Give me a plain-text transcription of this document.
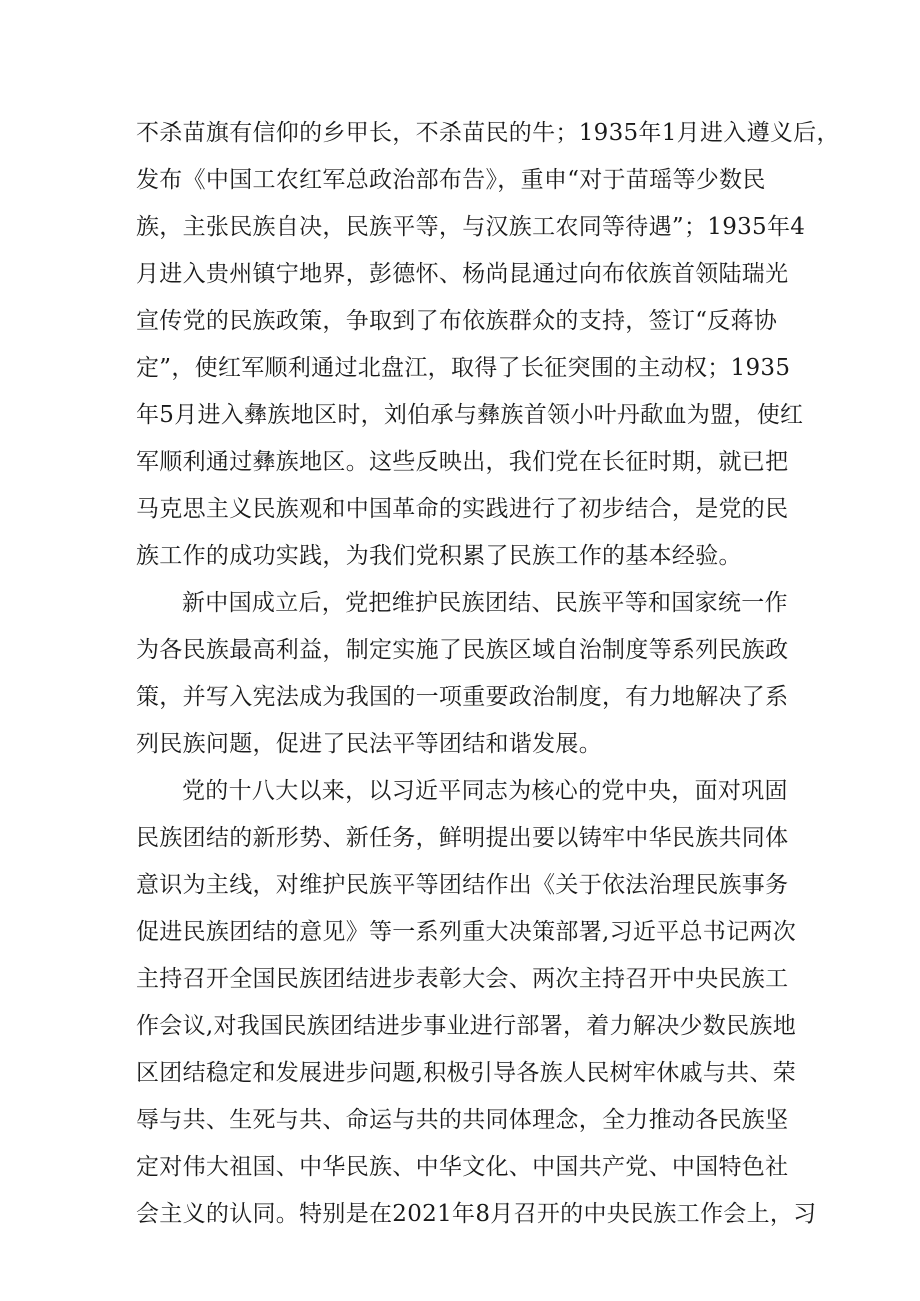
不杀苗旗有信仰的乡甲长，不杀苗民的牛；1935年1月进入遵义后，
发布《中国工农红军总政治部布告》，重申“对于苗瑶等少数民
族，主张民族自决，民族平等，与汉族工农同等待遇”；1935年4
月进入贵州镇宁地界，彭德怀、杨尚昆通过向布依族首领陆瑞光
宣传党的民族政策，争取到了布依族群众的支持，签订“反蒋协
定”，使红军顺利通过北盘江，取得了长征突围的主动权；1935
年5月进入彝族地区时，刘伯承与彝族首领小叶丹歃血为盟，使红
军顺利通过彝族地区。这些反映出，我们党在长征时期，就已把
马克思主义民族观和中国革命的实践进行了初步结合，是党的民
族工作的成功实践，为我们党积累了民族工作的基本经验。
新中国成立后，党把维护民族团结、民族平等和国家统一作
为各民族最高利益，制定实施了民族区域自治制度等系列民族政
策，并写入宪法成为我国的一项重要政治制度，有力地解决了系
列民族问题，促进了民法平等团结和谐发展。
党的十八大以来，以习近平同志为核心的党中央，面对巩固
民族团结的新形势、新任务，鲜明提出要以铸牢中华民族共同体
意识为主线，对维护民族平等团结作出《关于依法治理民族事务
促进民族团结的意见》等一系列重大决策部署,习近平总书记两次
主持召开全国民族团结进步表彰大会、两次主持召开中央民族工
作会议,对我国民族团结进步事业进行部署，着力解决少数民族地
区团结稳定和发展进步问题,积极引导各族人民树牢休戚与共、荣
辱与共、生死与共、命运与共的共同体理念，全力推动各民族坚
定对伟大祖国、中华民族、中华文化、中国共产党、中国特色社
会主义的认同。特别是在2021年8月召开的中央民族工作会上，习
